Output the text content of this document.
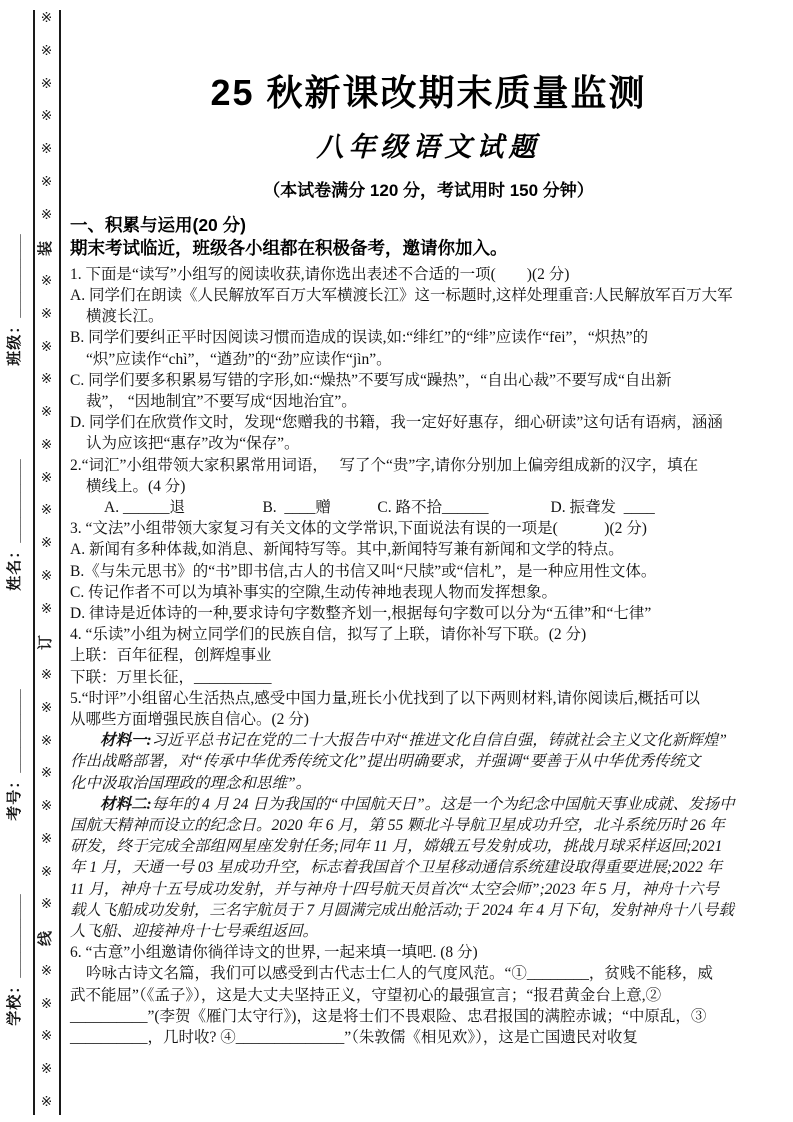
※
※
※
※
※
※
※
装
※
※
※
※
※
※
※
※
※
※
※
订
※
※
※
※
※
※
※
※
线
※
※
※
※
※
班级：__________
姓名：__________
考号：__________
学校：__________
25 秋新课改期末质量监测
八年级语文试题
（本试卷满分 120 分，考试用时 150 分钟）
一、积累与运用(20 分)
期末考试临近，班级各小组都在积极备考，邀请你加入。
1. 下面是“读写”小组写的阅读收获,请你选出表述不合适的一项(　　)(2 分)
A. 同学们在朗读《人民解放军百万大军横渡长江》这一标题时,这样处理重音:人民解放军百万大军
横渡长江。
B. 同学们要纠正平时因阅读习惯而造成的误读,如:“绯红”的“绯”应读作“fēi”，“炽热”的
“炽”应读作“chì”，“遒劲”的“劲”应读作“jìn”。
C. 同学们要多积累易写错的字形,如:“燥热”不要写成“躁热”，“自出心裁”不要写成“自出新
裁”， “因地制宜”不要写成“因地治宜”。
D. 同学们在欣赏作文时，发现“您赠我的书籍，我一定好好惠存，细心研读”这句话有语病，涵涵
认为应该把“惠存”改为“保存”。
2.“词汇”小组带领大家积累常用词语，　 写了个“贵”字,请你分别加上偏旁组成新的汉字，填在
横线上。(4 分)
A. ______退　　　　　B.  ____赠　　　C. 路不拾______　　　　D. 振聋发  ____
3. “文法”小组带领大家复习有关文体的文学常识,下面说法有误的一项是(　　　)(2 分)
A. 新闻有多种体裁,如消息、新闻特写等。其中,新闻特写兼有新闻和文学的特点。
B.《与朱元思书》的“书”即书信,古人的书信又叫“尺牍”或“信札”，是一种应用性文体。
C. 传记作者不可以为填补事实的空隙,生动传神地表现人物而发挥想象。
D. 律诗是近体诗的一种,要求诗句字数整齐划一,根据每句字数可以分为“五律”和“七律”
4. “乐读”小组为树立同学们的民族自信，拟写了上联，请你补写下联。(2 分)
上联：百年征程，创辉煌事业
下联：万里长征，__________
5.“时评”小组留心生活热点,感受中国力量,班长小优找到了以下两则材料,请你阅读后,概括可以
从哪些方面增强民族自信心。(2 分)
材料一:习近平总书记在党的二十大报告中对“推进文化自信自强，铸就社会主义文化新辉煌”
作出战略部署，对“传承中华优秀传统文化”提出明确要求，并强调“要善于从中华优秀传统文
化中汲取治国理政的理念和思维”。
材料二:每年的 4 月 24 日为我国的“中国航天日”。这是一个为纪念中国航天事业成就、发扬中
国航天精神而设立的纪念日。2020 年 6 月，第 55 颗北斗导航卫星成功升空，北斗系统历时 26 年
研发，终于完成全部组网星座发射任务;同年 11 月，嫦娥五号发射成功，挑战月球采样返回;2021
年 1 月，天通一号 03 星成功升空，标志着我国首个卫星移动通信系统建设取得重要进展;2022 年
11 月，神舟十五号成功发射，并与神舟十四号航天员首次“太空会师”;2023 年 5 月，神舟十六号
载人飞船成功发射，三名宇航员于 7 月圆满完成出舱活动;于 2024 年 4 月下旬，发射神舟十八号载
人飞船、迎接神舟十七号乘组返回。
6. “古意”小组邀请你徜徉诗文的世界, 一起来填一填吧. (8 分)
吟咏古诗文名篇，我们可以感受到古代志士仁人的气度风范。“①________，贫贱不能移，威
武不能屈”（《孟子》），这是大丈夫坚持正义，守望初心的最强宣言；“报君黄金台上意,②
__________”(李贺《雁门太守行》)，这是将士们不畏艰险、忠君报国的满腔赤诚；“中原乱，③
__________，几时收? ④______________”（朱敦儒《相见欢》），这是亡国遗民对收复
